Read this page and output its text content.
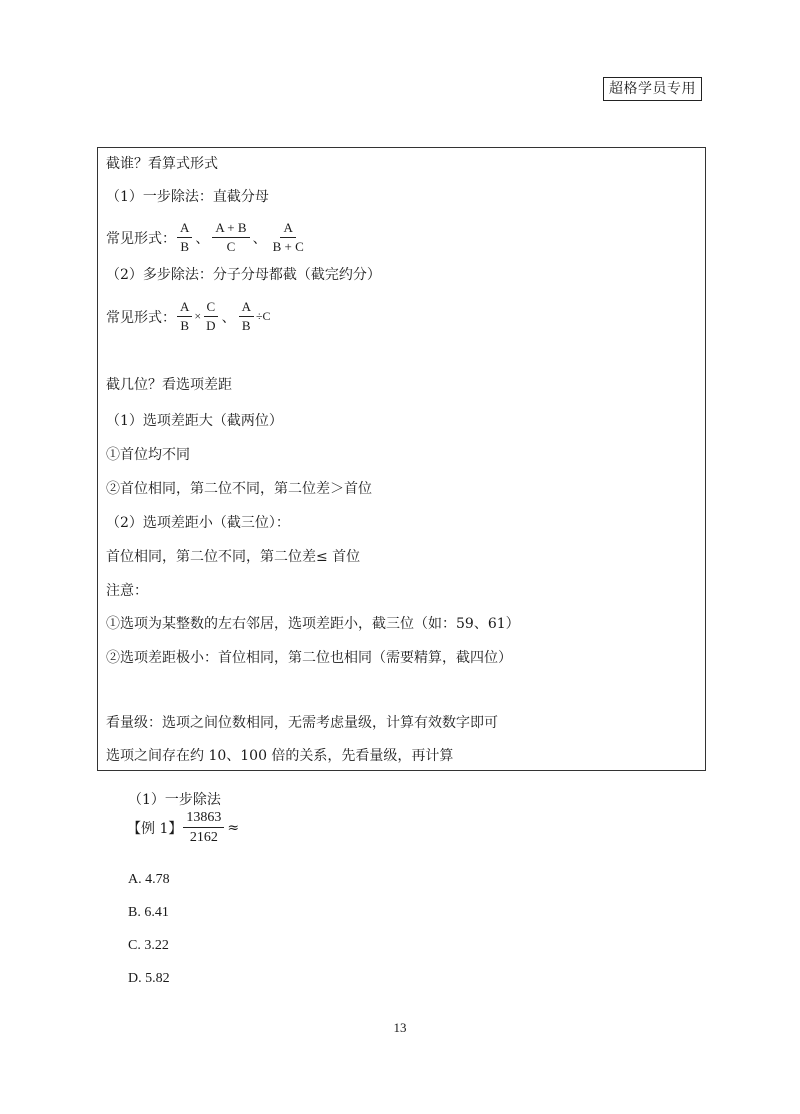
超格学员专用
截谁？看算式形式
（1）一步除法：直截分母
常见形式： $\frac{A}{B}$ 、 $\frac{A + B}{C}$ 、 $\frac{A}{B + C}$
（2）多步除法：分子分母都截（截完约分）
常见形式： $\frac{A}{B} \times \frac{C}{D}$ 、 $\frac{A}{B} \div C$
截几位？看选项差距
（1）选项差距大（截两位）
①首位均不同
②首位相同，第二位不同，第二位差＞首位
（2）选项差距小（截三位）：
首位相同，第二位不同，第二位差≤ 首位
注意：
①选项为某整数的左右邻居，选项差距小，截三位（如：59、61）
②选项差距极小：首位相同，第二位也相同（需要精算，截四位）
看量级：选项之间位数相同，无需考虑量级，计算有效数字即可
选项之间存在约 10、100 倍的关系，先看量级，再计算
（1）一步除法
【例 1】 $\frac{13863}{2162}$ ≈
A. 4.78
B. 6.41
C. 3.22
D. 5.82
13
